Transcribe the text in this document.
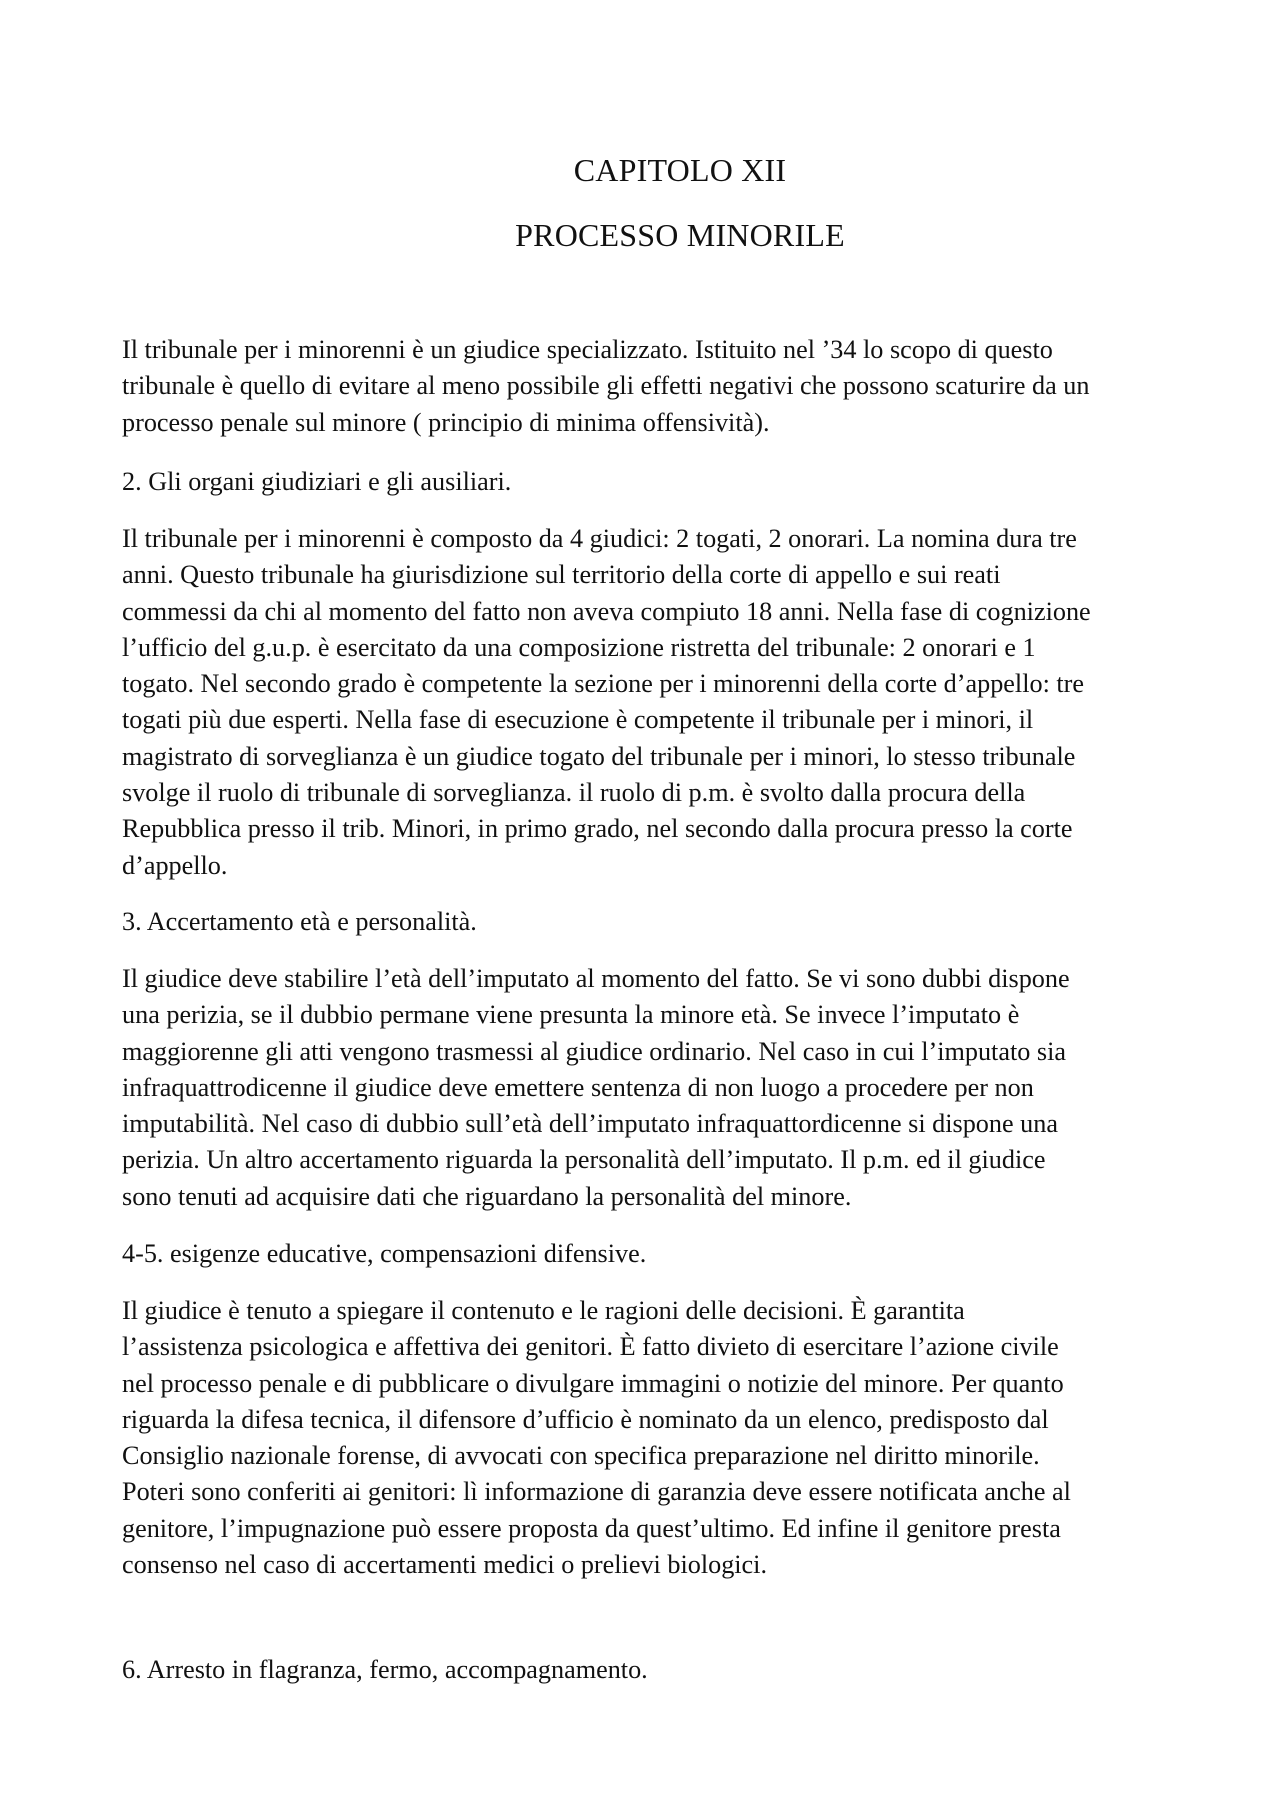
CAPITOLO XII
PROCESSO MINORILE
Il tribunale per i minorenni è un giudice specializzato. Istituito nel ’34 lo scopo di questo
tribunale è quello di evitare al meno possibile gli effetti negativi che possono scaturire da un
processo penale sul minore ( principio di minima offensività).
2. Gli organi giudiziari e gli ausiliari.
Il tribunale per i minorenni è composto da 4 giudici: 2 togati, 2 onorari. La nomina dura tre
anni. Questo tribunale ha giurisdizione sul territorio della corte di appello e sui reati
commessi da chi al momento del fatto non aveva compiuto 18 anni. Nella fase di cognizione
l’ufficio del g.u.p. è esercitato da una composizione ristretta del tribunale: 2 onorari e 1
togato. Nel secondo grado è competente la sezione per i minorenni della corte d’appello: tre
togati più due esperti. Nella fase di esecuzione è competente il tribunale per i minori, il
magistrato di sorveglianza è un giudice togato del tribunale per i minori, lo stesso tribunale
svolge il ruolo di tribunale di sorveglianza. il ruolo di p.m. è svolto dalla procura della
Repubblica presso il trib. Minori, in primo grado, nel secondo dalla procura presso la corte
d’appello.
3. Accertamento età e personalità.
Il giudice deve stabilire l’età dell’imputato al momento del fatto. Se vi sono dubbi dispone
una perizia, se il dubbio permane viene presunta la minore età. Se invece l’imputato è
maggiorenne gli atti vengono trasmessi al giudice ordinario. Nel caso in cui l’imputato sia
infraquattrodicenne il giudice deve emettere sentenza di non luogo a procedere per non
imputabilità. Nel caso di dubbio sull’età dell’imputato infraquattordicenne si dispone una
perizia. Un altro accertamento riguarda la personalità dell’imputato. Il p.m. ed il giudice
sono tenuti ad acquisire dati che riguardano la personalità del minore.
4-5. esigenze educative, compensazioni difensive.
Il giudice è tenuto a spiegare il contenuto e le ragioni delle decisioni. È garantita
l’assistenza psicologica e affettiva dei genitori. È fatto divieto di esercitare l’azione civile
nel processo penale e di pubblicare o divulgare immagini o notizie del minore. Per quanto
riguarda la difesa tecnica, il difensore d’ufficio è nominato da un elenco, predisposto dal
Consiglio nazionale forense, di avvocati con specifica preparazione nel diritto minorile.
Poteri sono conferiti ai genitori: lì informazione di garanzia deve essere notificata anche al
genitore, l’impugnazione può essere proposta da quest’ultimo. Ed infine il genitore presta
consenso nel caso di accertamenti medici o prelievi biologici.
6. Arresto in flagranza, fermo, accompagnamento.
